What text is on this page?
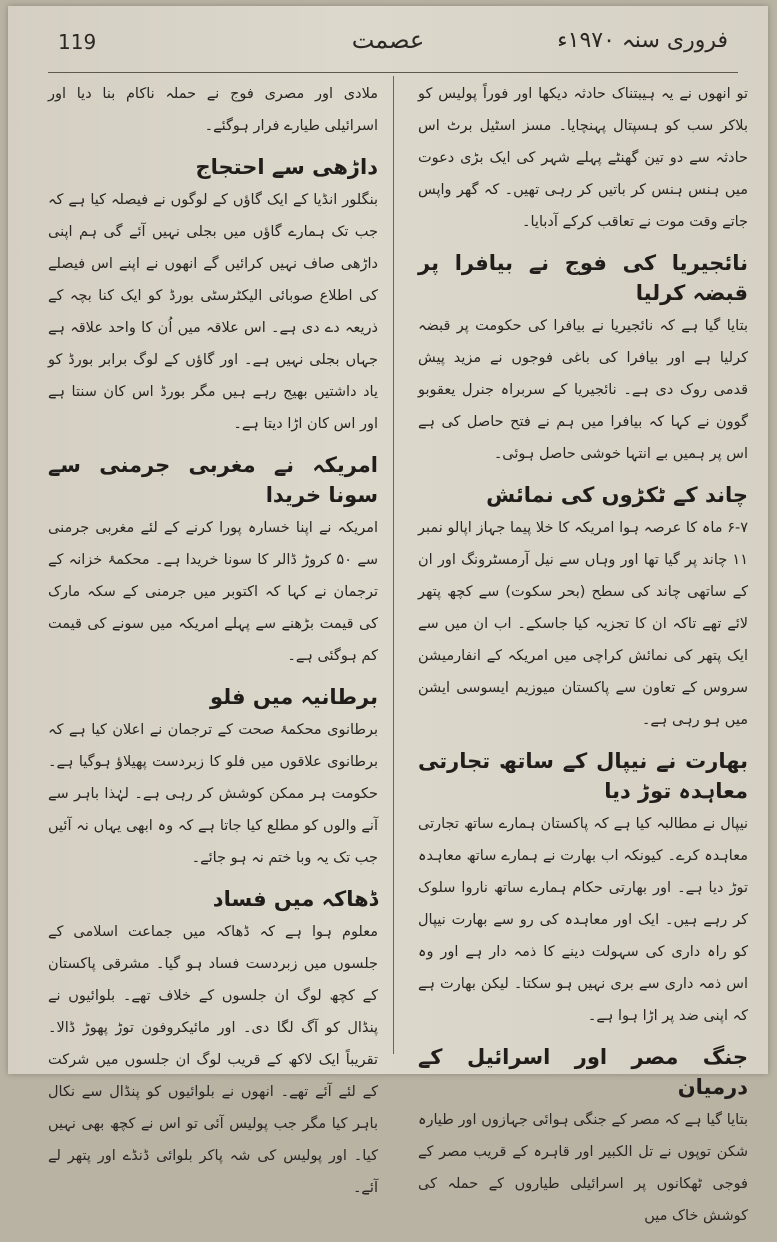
119	عصمت	فروری سنہ ۱۹۷۰ء
تو انھوں نے یہ ہیبتناک حادثہ دیکھا اور فوراً پولیس کو بلاکر سب کو ہسپتال پہنچایا۔ مسز اسٹیل برٹ اس حادثہ سے دو تین گھنٹے پہلے شہر کی ایک بڑی دعوت میں ہنس ہنس کر باتیں کر رہی تھیں۔ کہ گھر واپس جاتے وقت موت نے تعاقب کرکے آدبایا۔
نائجیریا کی فوج نے بیافرا پر قبضہ کرلیا
بتایا گیا ہے کہ نائجیریا نے بیافرا کی حکومت پر قبضہ کرلیا ہے اور بیافرا کی باغی فوجوں نے مزید پیش قدمی روک دی ہے۔ نائجیریا کے سربراہ جنرل یعقوبو گوون نے کہا کہ بیافرا میں ہم نے فتح حاصل کی ہے اس پر ہمیں بے انتہا خوشی حاصل ہوئی۔
چاند کے ٹکڑوں کی نمائش
۶-۷ ماہ کا عرصہ ہوا امریکہ کا خلا پیما جہاز اپالو نمبر ۱۱ چاند پر گیا تھا اور وہاں سے نیل آرمسٹرونگ اور ان کے ساتھی چاند کی سطح (بحر سکوت) سے کچھ پتھر لائے تھے تاکہ ان کا تجزیہ کیا جاسکے۔ اب ان میں سے ایک پتھر کی نمائش کراچی میں امریکہ کے انفارمیشن سروس کے تعاون سے پاکستان میوزیم ایسوسی ایشن میں ہو رہی ہے۔
بھارت نے نیپال کے ساتھ تجارتی معاہدہ توڑ دیا
نیپال نے مطالبہ کیا ہے کہ پاکستان ہمارے ساتھ تجارتی معاہدہ کرے۔ کیونکہ اب بھارت نے ہمارے ساتھ معاہدہ توڑ دیا ہے۔ اور بھارتی حکام ہمارے ساتھ ناروا سلوک کر رہے ہیں۔ ایک اور معاہدہ کی رو سے بھارت نیپال کو راہ داری کی سہولت دینے کا ذمہ دار ہے اور وہ اس ذمہ داری سے بری نہیں ہو سکتا۔ لیکن بھارت ہے کہ اپنی ضد پر اڑا ہوا ہے۔
جنگ مصر اور اسرائیل کے درمیان
بتایا گیا ہے کہ مصر کے جنگی ہوائی جہازوں اور طیارہ شکن توپوں نے تل الکبیر اور قاہرہ کے قریب مصر کے فوجی ٹھکانوں پر اسرائیلی طیاروں کے حملہ کی کوشش خاک میں
ملادی اور مصری فوج نے حملہ ناکام بنا دیا اور اسرائیلی طیارے فرار ہوگئے۔
داڑھی سے احتجاج
بنگلور انڈیا کے ایک گاؤں کے لوگوں نے فیصلہ کیا ہے کہ جب تک ہمارے گاؤں میں بجلی نہیں آئے گی ہم اپنی داڑھی صاف نہیں کرائیں گے انھوں نے اپنے اس فیصلے کی اطلاع صوبائی الیکٹرسٹی بورڈ کو ایک کنا بچہ کے ذریعہ دے دی ہے۔ اس علاقہ میں اُن کا واحد علاقہ ہے جہاں بجلی نہیں ہے۔ اور گاؤں کے لوگ برابر بورڈ کو یاد داشتیں بھیج رہے ہیں مگر بورڈ اس کان سنتا ہے اور اس کان اڑا دیتا ہے۔
امریکہ نے مغربی جرمنی سے سونا خریدا
امریکہ نے اپنا خسارہ پورا کرنے کے لئے مغربی جرمنی سے ۵۰ کروڑ ڈالر کا سونا خریدا ہے۔ محکمۂ خزانہ کے ترجمان نے کہا کہ اکتوبر میں جرمنی کے سکہ مارک کی قیمت بڑھنے سے پہلے امریکہ میں سونے کی قیمت کم ہوگئی ہے۔
برطانیہ میں فلو
برطانوی محکمۂ صحت کے ترجمان نے اعلان کیا ہے کہ برطانوی علاقوں میں فلو کا زبردست پھیلاؤ ہوگیا ہے۔ حکومت ہر ممکن کوشش کر رہی ہے۔ لہٰذا باہر سے آنے والوں کو مطلع کیا جاتا ہے کہ وہ ابھی یہاں نہ آئیں جب تک یہ وبا ختم نہ ہو جائے۔
ڈھاکہ میں فساد
معلوم ہوا ہے کہ ڈھاکہ میں جماعت اسلامی کے جلسوں میں زبردست فساد ہو گیا۔ مشرقی پاکستان کے کچھ لوگ ان جلسوں کے خلاف تھے۔ بلوائیوں نے پنڈال کو آگ لگا دی۔ اور مائیکروفون توڑ پھوڑ ڈالا۔ تقریباً ایک لاکھ کے قریب لوگ ان جلسوں میں شرکت کے لئے آئے تھے۔ انھوں نے بلوائیوں کو پنڈال سے نکال باہر کیا مگر جب پولیس آئی تو اس نے کچھ بھی نہیں کیا۔ اور پولیس کی شہ پاکر بلوائی ڈنڈے اور پتھر لے آئے۔
